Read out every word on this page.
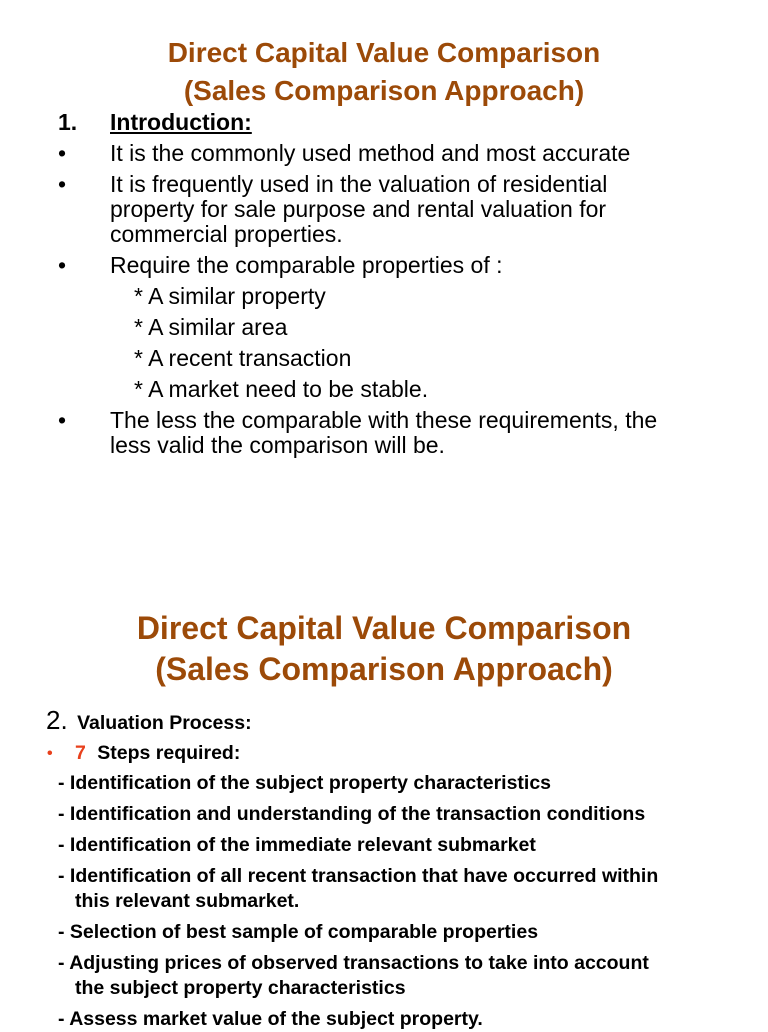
Direct Capital Value Comparison
(Sales Comparison Approach)
1. Introduction:
• It is the commonly used method and most accurate
• It is frequently used in the valuation of residential
property for sale purpose and rental valuation for
commercial properties.
• Require the comparable properties of :
* A similar property
* A similar area
* A recent transaction
* A market need to be stable.
• The less the comparable with these requirements, the
less valid the comparison will be.
Direct Capital Value Comparison
(Sales Comparison Approach)
2. Valuation Process:
• 7 Steps required:
- Identification of the subject property characteristics
- Identification and understanding of the transaction conditions
- Identification of the immediate relevant submarket
- Identification of all recent transaction that have occurred within
this relevant submarket.
- Selection of best sample of comparable properties
- Adjusting prices of observed transactions to take into account
the subject property characteristics
- Assess market value of the subject property.
